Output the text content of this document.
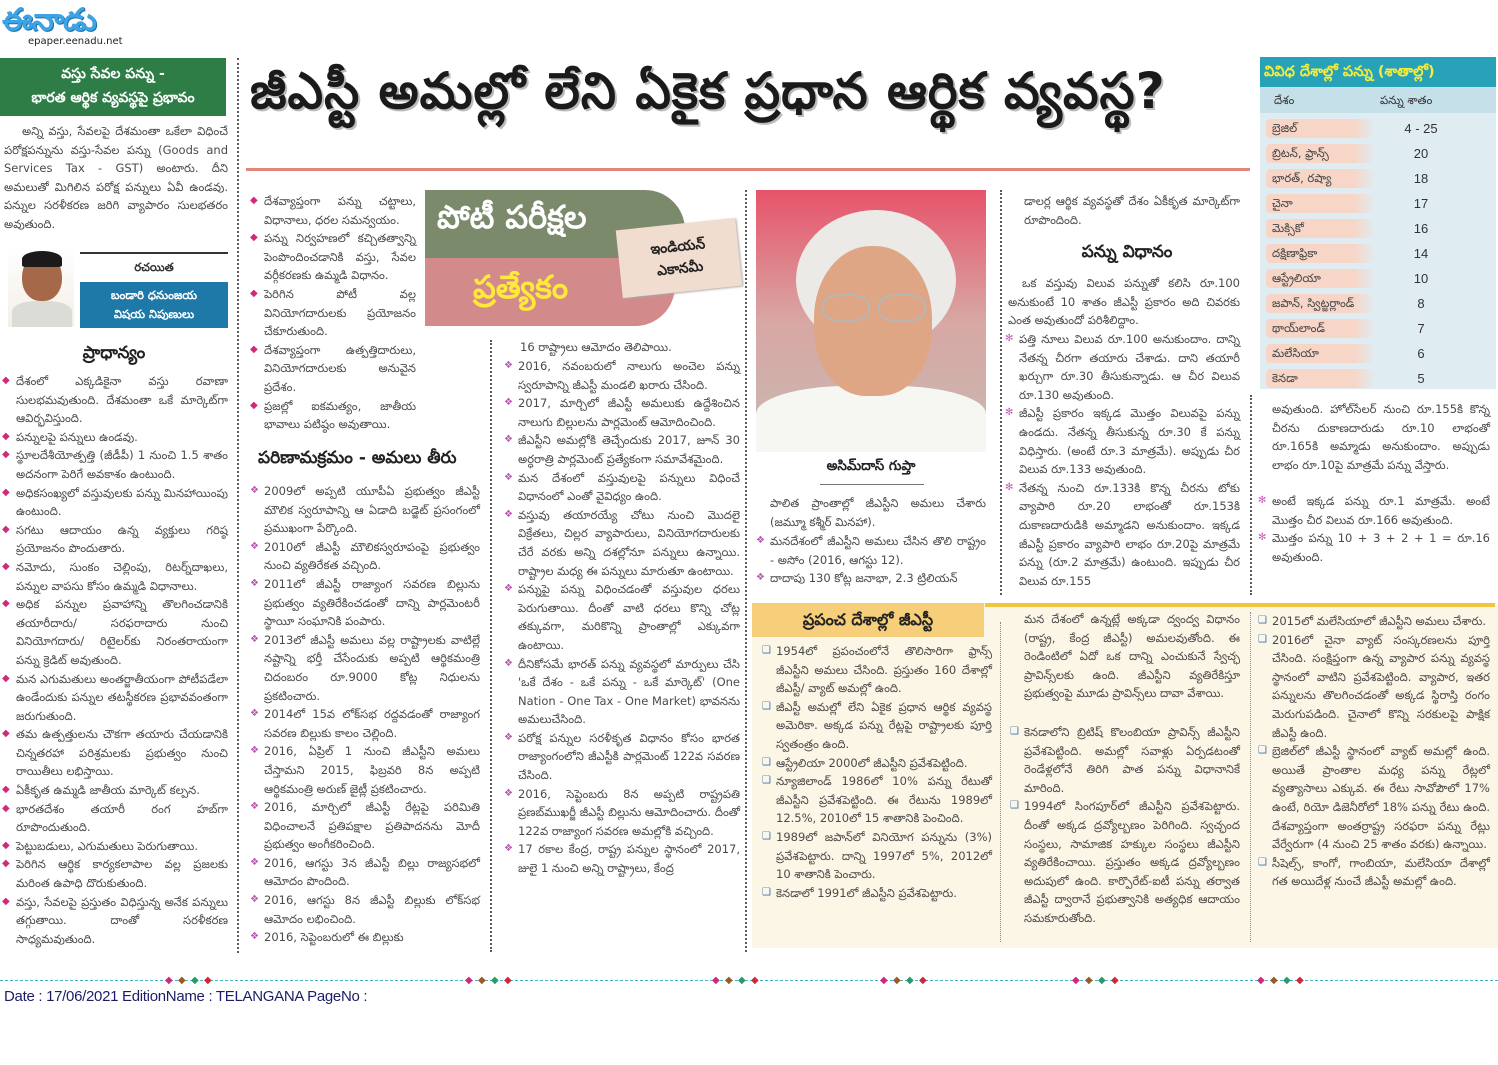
ఈనాడు
epaper.eenadu.net
వస్తు సేవల పన్ను -
భారత ఆర్థిక వ్యవస్థపై ప్రభావం	జీఎస్టీ అమల్లో లేని ఏకైక ప్రధాన ఆర్థిక వ్యవస్థ?
అన్ని వస్తు, సేవలపై దేశమంతా ఒకేలా విధించే పరోక్షపన్నును వస్తు-సేవల పన్ను (Goods and Services Tax - GST) అంటారు. దీని అమలుతో మిగిలిన పరోక్ష పన్నులు ఏవీ ఉండవు. పన్నుల సరళీకరణ జరిగి వ్యాపారం సులభతరం అవుతుంది.
రచయిత
బండారి ధనుంజయ
విషయ నిపుణులు
ప్రాధాన్యం
◆ దేశంలో ఎక్కడికైనా వస్తు రవాణా సులభమవుతుంది. దేశమంతా ఒకే మార్కెట్‌గా ఆవిర్భవిస్తుంది.
◆ పన్నులపై పన్నులు ఉండవు.
◆ స్థూలదేశీయోత్పత్తి (జీడీపీ) 1 నుంచి 1.5 శాతం అదనంగా పెరిగే అవకాశం ఉంటుంది.
◆ అధికసంఖ్యలో వస్తువులకు పన్ను మినహాయింపు ఉంటుంది.
◆ సగటు ఆదాయం ఉన్న వ్యక్తులు గరిష్ఠ ప్రయోజనం పొందుతారు.
◆ నమోదు, సుంకం చెల్లింపు, రిటర్న్‌దాఖలు, పన్నుల వాపసు కోసం ఉమ్మడి విధానాలు.
◆ అధిక పన్నుల ప్రవాహాన్ని తొలగించడానికి తయారీదారు/ సరఫరాదారు నుంచి వినియోగదారు/ రిటైలర్‌కు నిరంతరాయంగా పన్ను క్రెడిట్ అవుతుంది.
◆ మన ఎగుమతులు అంతర్జాతీయంగా పోటీపడేలా ఉండేందుకు పన్నుల తటస్థీకరణ ప్రభావవంతంగా జరుగుతుంది.
◆ తమ ఉత్పత్తులను చౌకగా తయారు చేయడానికి చిన్నతరహా పరిశ్రమలకు ప్రభుత్వం నుంచి రాయితీలు లభిస్తాయి.
◆ ఏకీకృత ఉమ్మడి జాతీయ మార్కెట్ కల్పన.
◆ భారతదేశం తయారీ రంగ హబ్‌గా రూపొందుతుంది.
◆ పెట్టుబడులు, ఎగుమతులు పెరుగుతాయి.
◆ పెరిగిన ఆర్థిక కార్యకలాపాల వల్ల ప్రజలకు మరింత ఉపాధి దొరుకుతుంది.
◆ వస్తు, సేవలపై ప్రస్తుతం విధిస్తున్న అనేక పన్నులు తగ్గుతాయి. దాంతో సరళీకరణ సాధ్యమవుతుంది.
◆ దేశవ్యాప్తంగా పన్ను చట్టాలు, విధానాలు, ధరల సమన్వయం.
◆ పన్ను నిర్వహణలో కచ్చితత్వాన్ని పెంపొందించడానికి వస్తు, సేవల వర్గీకరణకు ఉమ్మడి విధానం.
◆ పెరిగిన పోటీ వల్ల వినియోగదారులకు ప్రయోజనం చేకూరుతుంది.
◆ దేశవ్యాప్తంగా ఉత్పత్తిదారులు, వినియోగదారులకు అనువైన ప్రదేశం.
◆ ప్రజల్లో ఐకమత్యం, జాతీయ భావాలు పటిష్ఠం అవుతాయి.
పోటీ పరీక్షల
ప్రత్యేకం
ఇండియన్
ఎకానమీ
పరిణామక్రమం - అమలు తీరు
❖ 2009లో అప్పటి యూపీఏ ప్రభుత్వం జీఎస్టీ మౌలిక స్వరూపాన్ని ఆ ఏడాది బడ్జెట్ ప్రసంగంలో ప్రముఖంగా పేర్కొంది.
❖ 2010లో జీఎస్టీ మౌలికస్వరూపంపై ప్రభుత్వం నుంచి వ్యతిరేకత వచ్చింది.
❖ 2011లో జీఎస్టీ రాజ్యాంగ సవరణ బిల్లును ప్రభుత్వం వ్యతిరేకించడంతో దాన్ని పార్లమెంటరీ స్థాయీ సంఘానికి పంపారు.
❖ 2013లో జీఎస్టీ అమలు వల్ల రాష్ట్రాలకు వాటిల్లే నష్టాన్ని భర్తీ చేసేందుకు అప్పటి ఆర్థికమంత్రి చిదంబరం రూ.9000 కోట్ల నిధులను ప్రకటించారు.
❖ 2014లో 15వ లోక్‌సభ రద్దవడంతో రాజ్యాంగ సవరణ బిల్లుకు కాలం చెల్లింది.
❖ 2016, ఏప్రిల్ 1 నుంచి జీఎస్టీని అమలు చేస్తామని 2015, ఫిబ్రవరి 8న అప్పటి ఆర్థికమంత్రి అరుణ్ జైట్లీ ప్రకటించారు.
❖ 2016, మార్చిలో జీఎస్టీ రేట్లపై పరిమితి విధించాలనే ప్రతిపక్షాల ప్రతిపాదనను మోదీ ప్రభుత్వం అంగీకరించింది.
❖ 2016, ఆగస్టు 3న జీఎస్టీ బిల్లు రాజ్యసభలో ఆమోదం పొందింది.
❖ 2016, ఆగస్టు 8న జీఎస్టీ బిల్లుకు లోక్‌సభ ఆమోదం లభించింది.
❖ 2016, సెప్టెంబరులో ఈ బిల్లుకు
16 రాష్ట్రాలు ఆమోదం తెలిపాయి.
❖ 2016, నవంబరులో నాలుగు అంచెల పన్ను స్వరూపాన్ని జీఎస్టీ మండలి ఖరారు చేసింది.
❖ 2017, మార్చిలో జీఎస్టీ అమలుకు ఉద్దేశించిన నాలుగు బిల్లులను పార్లమెంట్ ఆమోదించింది.
❖ జీఎస్టీని అమల్లోకి తెచ్చేందుకు 2017, జూన్ 30 అర్ధరాత్రి పార్లమెంట్ ప్రత్యేకంగా సమావేశమైంది.
❖ మన దేశంలో వస్తువులపై పన్నులు విధించే విధానంలో ఎంతో వైవిధ్యం ఉంది.
❖ వస్తువు తయారయ్యే చోటు నుంచి మొదలై విక్రేతలు, చిల్లర వ్యాపారులు, వినియోగదారులకు చేరే వరకు అన్ని దశల్లోనూ పన్నులు ఉన్నాయి. రాష్ట్రాల మధ్య ఈ పన్నులు మారుతూ ఉంటాయి.
❖ పన్నుపై పన్ను విధించడంతో వస్తువుల ధరలు పెరుగుతాయి. దీంతో వాటి ధరలు కొన్ని చోట్ల తక్కువగా, మరికొన్ని ప్రాంతాల్లో ఎక్కువగా ఉంటాయి.
❖ దీనికోసమే భారత్ పన్ను వ్యవస్థలో మార్పులు చేసి 'ఒకే దేశం - ఒకే పన్ను - ఒకే మార్కెట్' (One Nation - One Tax - One Market) భావనను అమలుచేసింది.
❖ పరోక్ష పన్నుల సరళీకృత విధానం కోసం భారత రాజ్యాంగంలోని జీఎస్టీకి పార్లమెంట్ 122వ సవరణ చేసింది.
❖ 2016, సెప్టెంబరు 8న అప్పటి రాష్ట్రపతి ప్రణబ్‌ముఖర్జీ జీఎస్టీ బిల్లును ఆమోదించారు. దీంతో 122వ రాజ్యాంగ సవరణ అమల్లోకి వచ్చింది.
❖ 17 రకాల కేంద్ర, రాష్ట్ర పన్నుల స్థానంలో 2017, జులై 1 నుంచి అన్ని రాష్ట్రాలు, కేంద్ర
అసిమ్‌దాస్ గుప్తా
పాలిత ప్రాంతాల్లో జీఎస్టీని అమలు చేశారు (జమ్మూ కశ్మీర్ మినహా).
❖ మనదేశంలో జీఎస్టీని అమలు చేసిన తొలి రాష్ట్రం - అసోం (2016, ఆగస్టు 12).
❖ దాదాపు 130 కోట్ల జనాభా, 2.3 ట్రిలియన్
డాలర్ల ఆర్థిక వ్యవస్థతో దేశం ఏకీకృత మార్కెట్‌గా రూపొందింది.
పన్ను విధానం
ఒక వస్తువు విలువ పన్నుతో కలిసి రూ.100 అనుకుంటే 10 శాతం జీఎస్టీ ప్రకారం అది చివరకు ఎంత అవుతుందో పరిశీలిద్దాం.
✻ పత్తి నూలు విలువ రూ.100 అనుకుందాం. దాన్ని నేతన్న చీరగా తయారు చేశాడు. దాని తయారీ ఖర్చుగా రూ.30 తీసుకున్నాడు. ఆ చీర విలువ రూ.130 అవుతుంది.
✻ జీఎస్టీ ప్రకారం ఇక్కడ మొత్తం విలువపై పన్ను ఉండదు. నేతన్న తీసుకున్న రూ.30 కే పన్ను విధిస్తారు. (అంటే రూ.3 మాత్రమే). అప్పుడు చీర విలువ రూ.133 అవుతుంది.
✻ నేతన్న నుంచి రూ.133కి కొన్న చీరను టోకు వ్యాపారి రూ.20 లాభంతో రూ.153కి దుకాణదారుడికి అమ్మాడని అనుకుందాం. ఇక్కడ జీఎస్టీ ప్రకారం వ్యాపారి లాభం రూ.20పై మాత్రమే పన్ను (రూ.2 మాత్రమే) ఉంటుంది. ఇప్పుడు చీర విలువ రూ.155
వివిధ దేశాల్లో పన్ను (శాతాల్లో)
దేశం	పన్ను శాతం
బ్రెజిల్	4 - 25
బ్రిటన్, ఫ్రాన్స్	20
భారత్, రష్యా	18
చైనా	17
మెక్సికో	16
దక్షిణాఫ్రికా	14
ఆస్ట్రేలియా	10
జపాన్, స్విట్జర్లాండ్	8
థాయ్‌లాండ్	7
మలేసియా	6
కెనడా	5
అవుతుంది. హోల్‌సేలర్ నుంచి రూ.155కి కొన్న చీరను దుకాణదారుడు రూ.10 లాభంతో రూ.165కి అమ్మాడు అనుకుందాం. అప్పుడు లాభం రూ.10పై మాత్రమే పన్ను వేస్తారు.
✻ అంటే ఇక్కడ పన్ను రూ.1 మాత్రమే. అంటే మొత్తం చీర విలువ రూ.166 అవుతుంది.
✻ మొత్తం పన్ను 10 + 3 + 2 + 1 = రూ.16 అవుతుంది.
ప్రపంచ దేశాల్లో జీఎస్టీ
❑ 1954లో ప్రపంచంలోనే తొలిసారిగా ఫ్రాన్స్ జీఎస్టీని అమలు చేసింది. ప్రస్తుతం 160 దేశాల్లో జీఎస్టీ/ వ్యాట్ అమల్లో ఉంది.
❑ జీఎస్టీ అమల్లో లేని ఏకైక ప్రధాన ఆర్థిక వ్యవస్థ అమెరికా. అక్కడ పన్ను రేట్లపై రాష్ట్రాలకు పూర్తి స్వతంత్రం ఉంది.
❑ ఆస్ట్రేలియా 2000లో జీఎస్టీని ప్రవేశపెట్టింది.
❑ న్యూజిలాండ్ 1986లో 10% పన్ను రేటుతో జీఎస్టీని ప్రవేశపెట్టింది. ఈ రేటును 1989లో 12.5%, 2010లో 15 శాతానికి పెంచింది.
❑ 1989లో జపాన్‌లో వినియోగ పన్నును (3%) ప్రవేశపెట్టారు. దాన్ని 1997లో 5%, 2012లో 10 శాతానికి పెంచారు.
❑ కెనడాలో 1991లో జీఎస్టీని ప్రవేశపెట్టారు.
మన దేశంలో ఉన్నట్లే అక్కడా ద్వంద్వ విధానం (రాష్ట్ర, కేంద్ర జీఎస్టీ) అమలవుతోంది. ఈ రెండింటిలో ఏదో ఒక దాన్ని ఎంచుకునే స్వేచ్ఛ ప్రావిన్స్‌లకు ఉంది. జీఎస్టీని వ్యతిరేకిస్తూ ప్రభుత్వంపై మూడు ప్రావిన్స్‌లు దావా వేశాయి.
❑ కెనడాలోని బ్రిటిష్ కొలంబియా ప్రావిన్స్ జీఎస్టీని ప్రవేశపెట్టింది. అమల్లో సవాళ్లు ఏర్పడటంతో రెండేళ్లలోనే తిరిగి పాత పన్ను విధానానికే మారింది.
❑ 1994లో సింగపూర్‌లో జీఎస్టీని ప్రవేశపెట్టారు. దీంతో అక్కడ ద్రవ్యోల్బణం పెరిగింది. స్వచ్ఛంద సంస్థలు, సామాజిక హక్కుల సంస్థలు జీఎస్టీని వ్యతిరేకించాయి. ప్రస్తుతం అక్కడ ద్రవ్యోల్బణం అదుపులో ఉంది. కార్పొరేట్-ఐటీ పన్ను తర్వాత జీఎస్టీ ద్వారానే ప్రభుత్వానికి అత్యధిక ఆదాయం సమకూరుతోంది.
❑ 2015లో మలేసియాలో జీఎస్టీని అమలు చేశారు.
❑ 2016లో చైనా వ్యాట్ సంస్కరణలను పూర్తి చేసింది. సంక్షిప్తంగా ఉన్న వ్యాపార పన్ను వ్యవస్థ స్థానంలో వాటిని ప్రవేశపెట్టింది. వ్యాపార, ఇతర పన్నులను తొలగించడంతో అక్కడ స్థిరాస్తి రంగం మెరుగుపడింది. చైనాలో కొన్ని సరకులపై పాక్షిక జీఎస్టీ ఉంది.
❑ బ్రెజిల్‌లో జీఎస్టీ స్థానంలో వ్యాట్ అమల్లో ఉంది. అయితే ప్రాంతాల మధ్య పన్ను రేట్లలో వ్యత్యాసాలు ఎక్కువ. ఈ రేటు సావోపౌలో 17% ఉంటే, రియో డిజెనీరోలో 18% పన్ను రేటు ఉంది. దేశవ్యాప్తంగా అంతర్రాష్ట్ర సరఫరా పన్ను రేట్లు వేర్వేరుగా (4 నుంచి 25 శాతం వరకు) ఉన్నాయి.
❑ సీషెల్స్, కాంగో, గాంబియా, మలేసియా దేశాల్లో గత అయిదేళ్ల నుంచే జీఎస్టీ అమల్లో ఉంది.
◆ ◆ ◆ ◆	◆ ◆ ◆ ◆	◆ ◆ ◆ ◆	◆ ◆ ◆ ◆	◆ ◆ ◆ ◆	◆ ◆ ◆ ◆
Date : 17/06/2021 EditionName : TELANGANA PageNo :
